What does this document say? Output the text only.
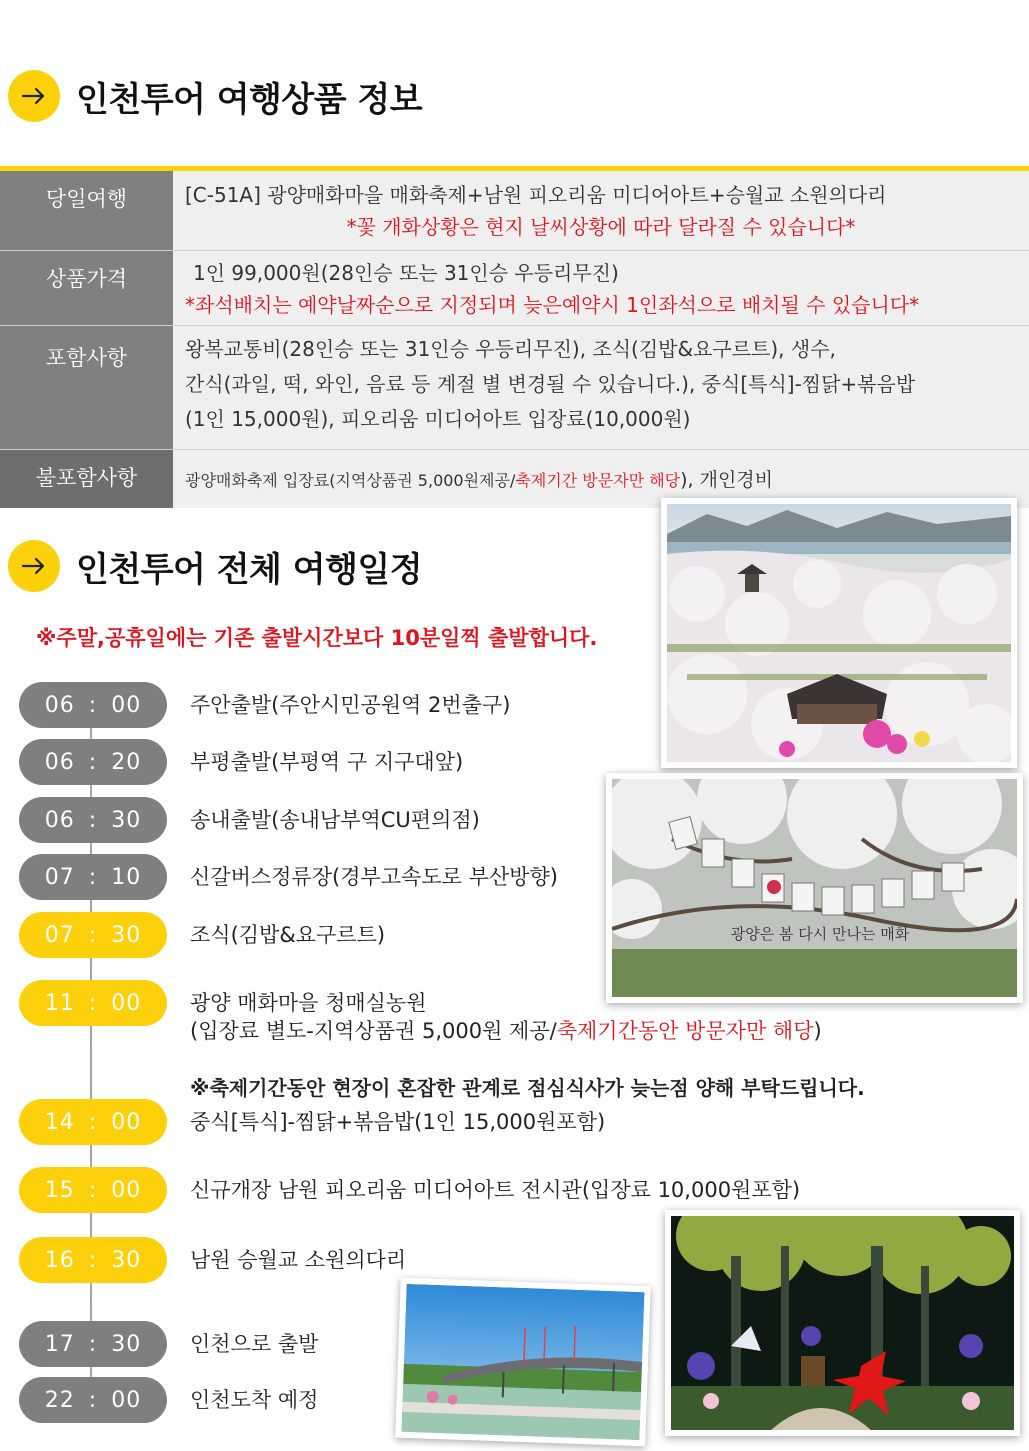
인천투어 여행상품 정보
당일여행	[C-51A] 광양매화마을 매화축제+남원 피오리움 미디어아트+승월교 소원의다리

*꽃 개화상황은 현지 날씨상황에 따라 달라질 수 있습니다*
상품가격	1인 99,000원(28인승 또는 31인승 우등리무진)
*좌석배치는 예약날짜순으로 지정되며 늦은예약시 1인좌석으로 배치될 수 있습니다*
포함사항	왕복교통비(28인승 또는 31인승 우등리무진), 조식(김밥&요구르트), 생수,
간식(과일, 떡, 와인, 음료 등 계절 별 변경될 수 있습니다.), 중식[특식]-찜닭+볶음밥
(1인 15,000원), 피오리움 미디어아트 입장료(10,000원)
불포함사항	광양매화축제 입장료(지역상품권 5,000원제공/축제기간 방문자만 해당), 개인경비
인천투어 전체 여행일정
※주말,공휴일에는 기존 출발시간보다 10분일찍 출발합니다.
06 : 00 주안출발(주안시민공원역 2번출구)
06 : 20 부평출발(부평역 구 지구대앞)
06 : 30 송내출발(송내남부역CU편의점)
07 : 10 신갈버스정류장(경부고속도로 부산방향)
07 : 30 조식(김밥&요구르트)
11 : 00 광양 매화마을 청매실농원
(입장료 별도-지역상품권 5,000원 제공/축제기간동안 방문자만 해당)
※축제기간동안 현장이 혼잡한 관계로 점심식사가 늦는점 양해 부탁드립니다.
14 : 00 중식[특식]-찜닭+볶음밥(1인 15,000원포함)
15 : 00 신규개장 남원 피오리움 미디어아트 전시관(입장료 10,000원포함)
16 : 30 남원 승월교 소원의다리
17 : 30 인천으로 출발
22 : 00 인천도착 예정
광양은 봄 다시 만나는 매화
